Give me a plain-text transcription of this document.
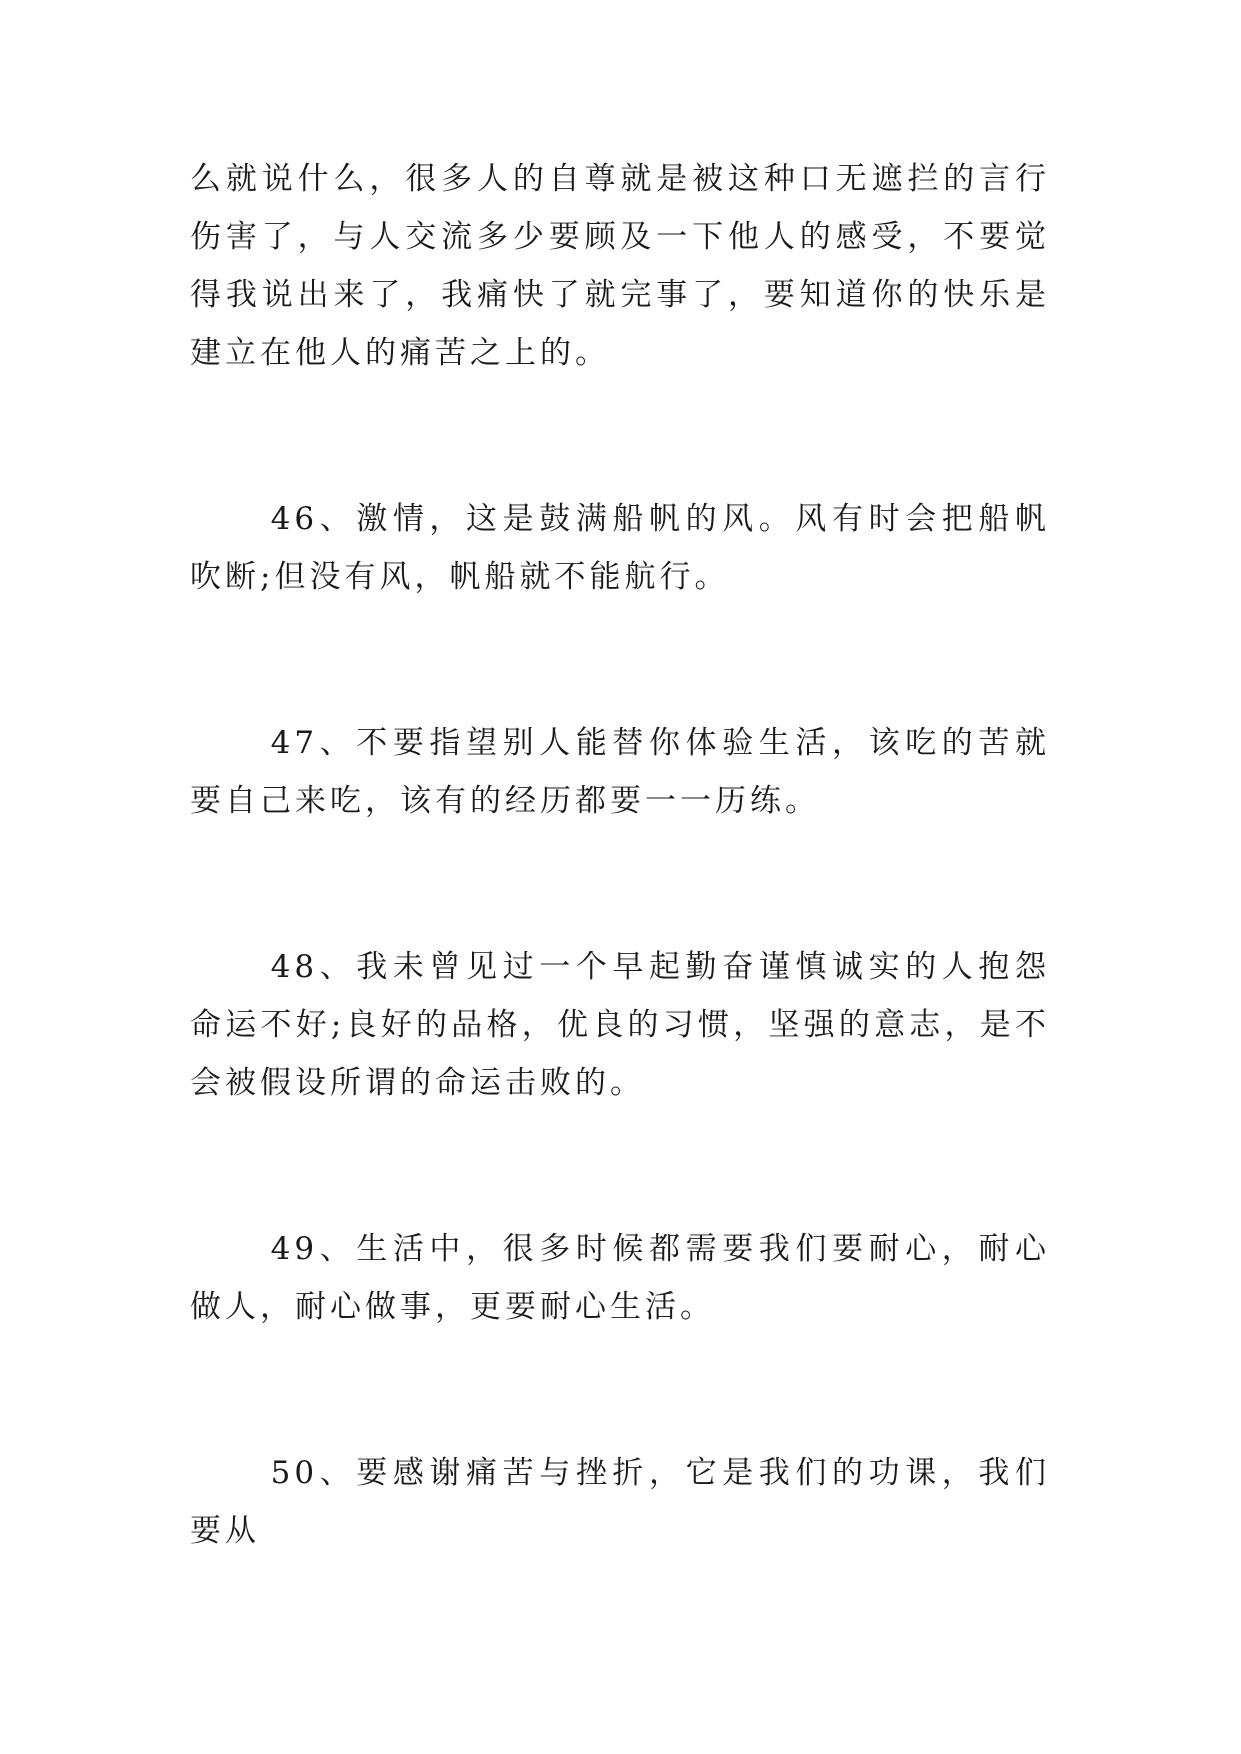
么就说什么，很多人的自尊就是被这种口无遮拦的言行伤害了，与人交流多少要顾及一下他人的感受，不要觉得我说出来了，我痛快了就完事了，要知道你的快乐是建立在他人的痛苦之上的。

46、激情，这是鼓满船帆的风。风有时会把船帆吹断;但没有风，帆船就不能航行。

47、不要指望别人能替你体验生活，该吃的苦就要自己来吃，该有的经历都要一一历练。

48、我未曾见过一个早起勤奋谨慎诚实的人抱怨命运不好;良好的品格，优良的习惯，坚强的意志，是不会被假设所谓的命运击败的。

49、生活中，很多时候都需要我们要耐心，耐心做人，耐心做事，更要耐心生活。

50、要感谢痛苦与挫折，它是我们的功课，我们要从
